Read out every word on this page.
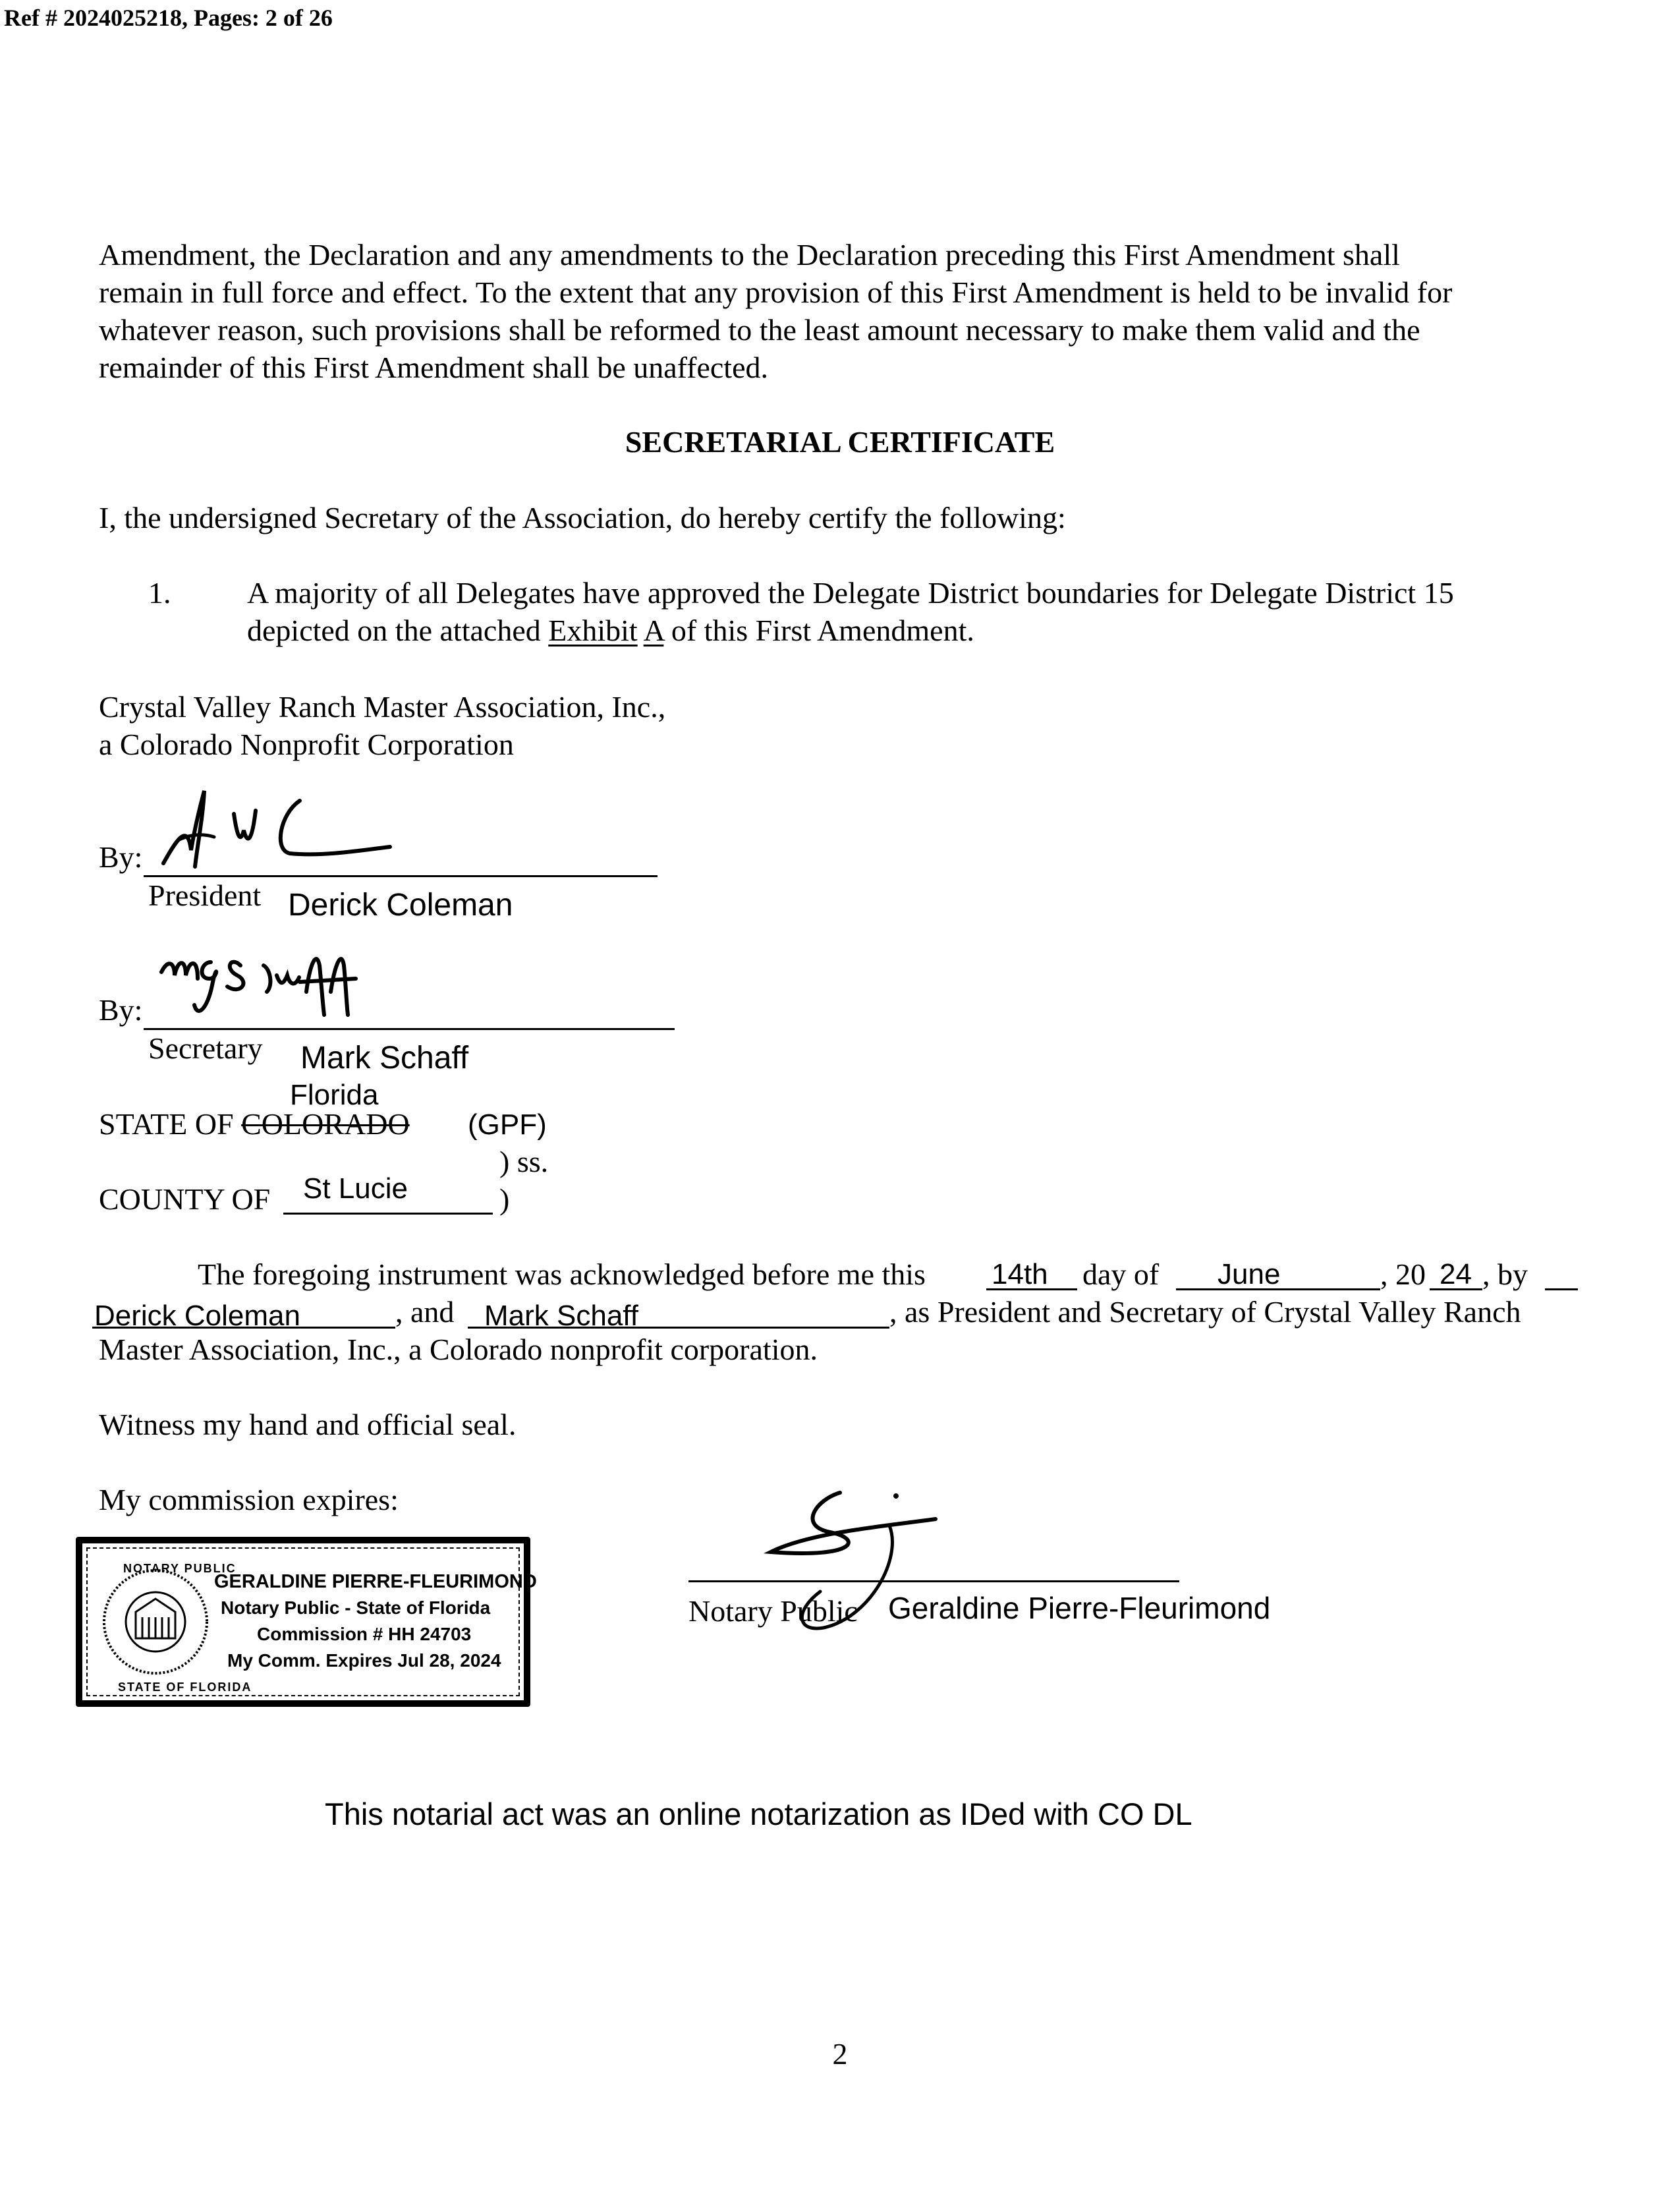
Ref # 2024025218, Pages: 2 of 26
Amendment, the Declaration and any amendments to the Declaration preceding this First Amendment shall
remain in full force and effect. To the extent that any provision of this First Amendment is held to be invalid for
whatever reason, such provisions shall be reformed to the least amount necessary to make them valid and the
remainder of this First Amendment shall be unaffected.
SECRETARIAL CERTIFICATE
I, the undersigned Secretary of the Association, do hereby certify the following:
1.	A majority of all Delegates have approved the Delegate District boundaries for Delegate District 15
depicted on the attached Exhibit A of this First Amendment.
Crystal Valley Ranch Master Association, Inc.,
a Colorado Nonprofit Corporation
By:
President Derick Coleman
By:
Secretary Mark Schaff
Florida
STATE OF COLORADO (GPF)
) ss.
COUNTY OF St Lucie	)
The foregoing instrument was acknowledged before me this 14th day of June	, 20 24 , by
Derick Coleman	, and Mark Schaff	, as President and Secretary of Crystal Valley Ranch
Master Association, Inc., a Colorado nonprofit corporation.
Witness my hand and official seal.
My commission expires:
NOTARY PUBLIC
STATE OF FLORIDA
GERALDINE PIERRE-FLEURIMOND
Notary Public - State of Florida
Commission # HH 24703
My Comm. Expires Jul 28, 2024
Notary Public Geraldine Pierre-Fleurimond
This notarial act was an online notarization as IDed with CO DL
2
